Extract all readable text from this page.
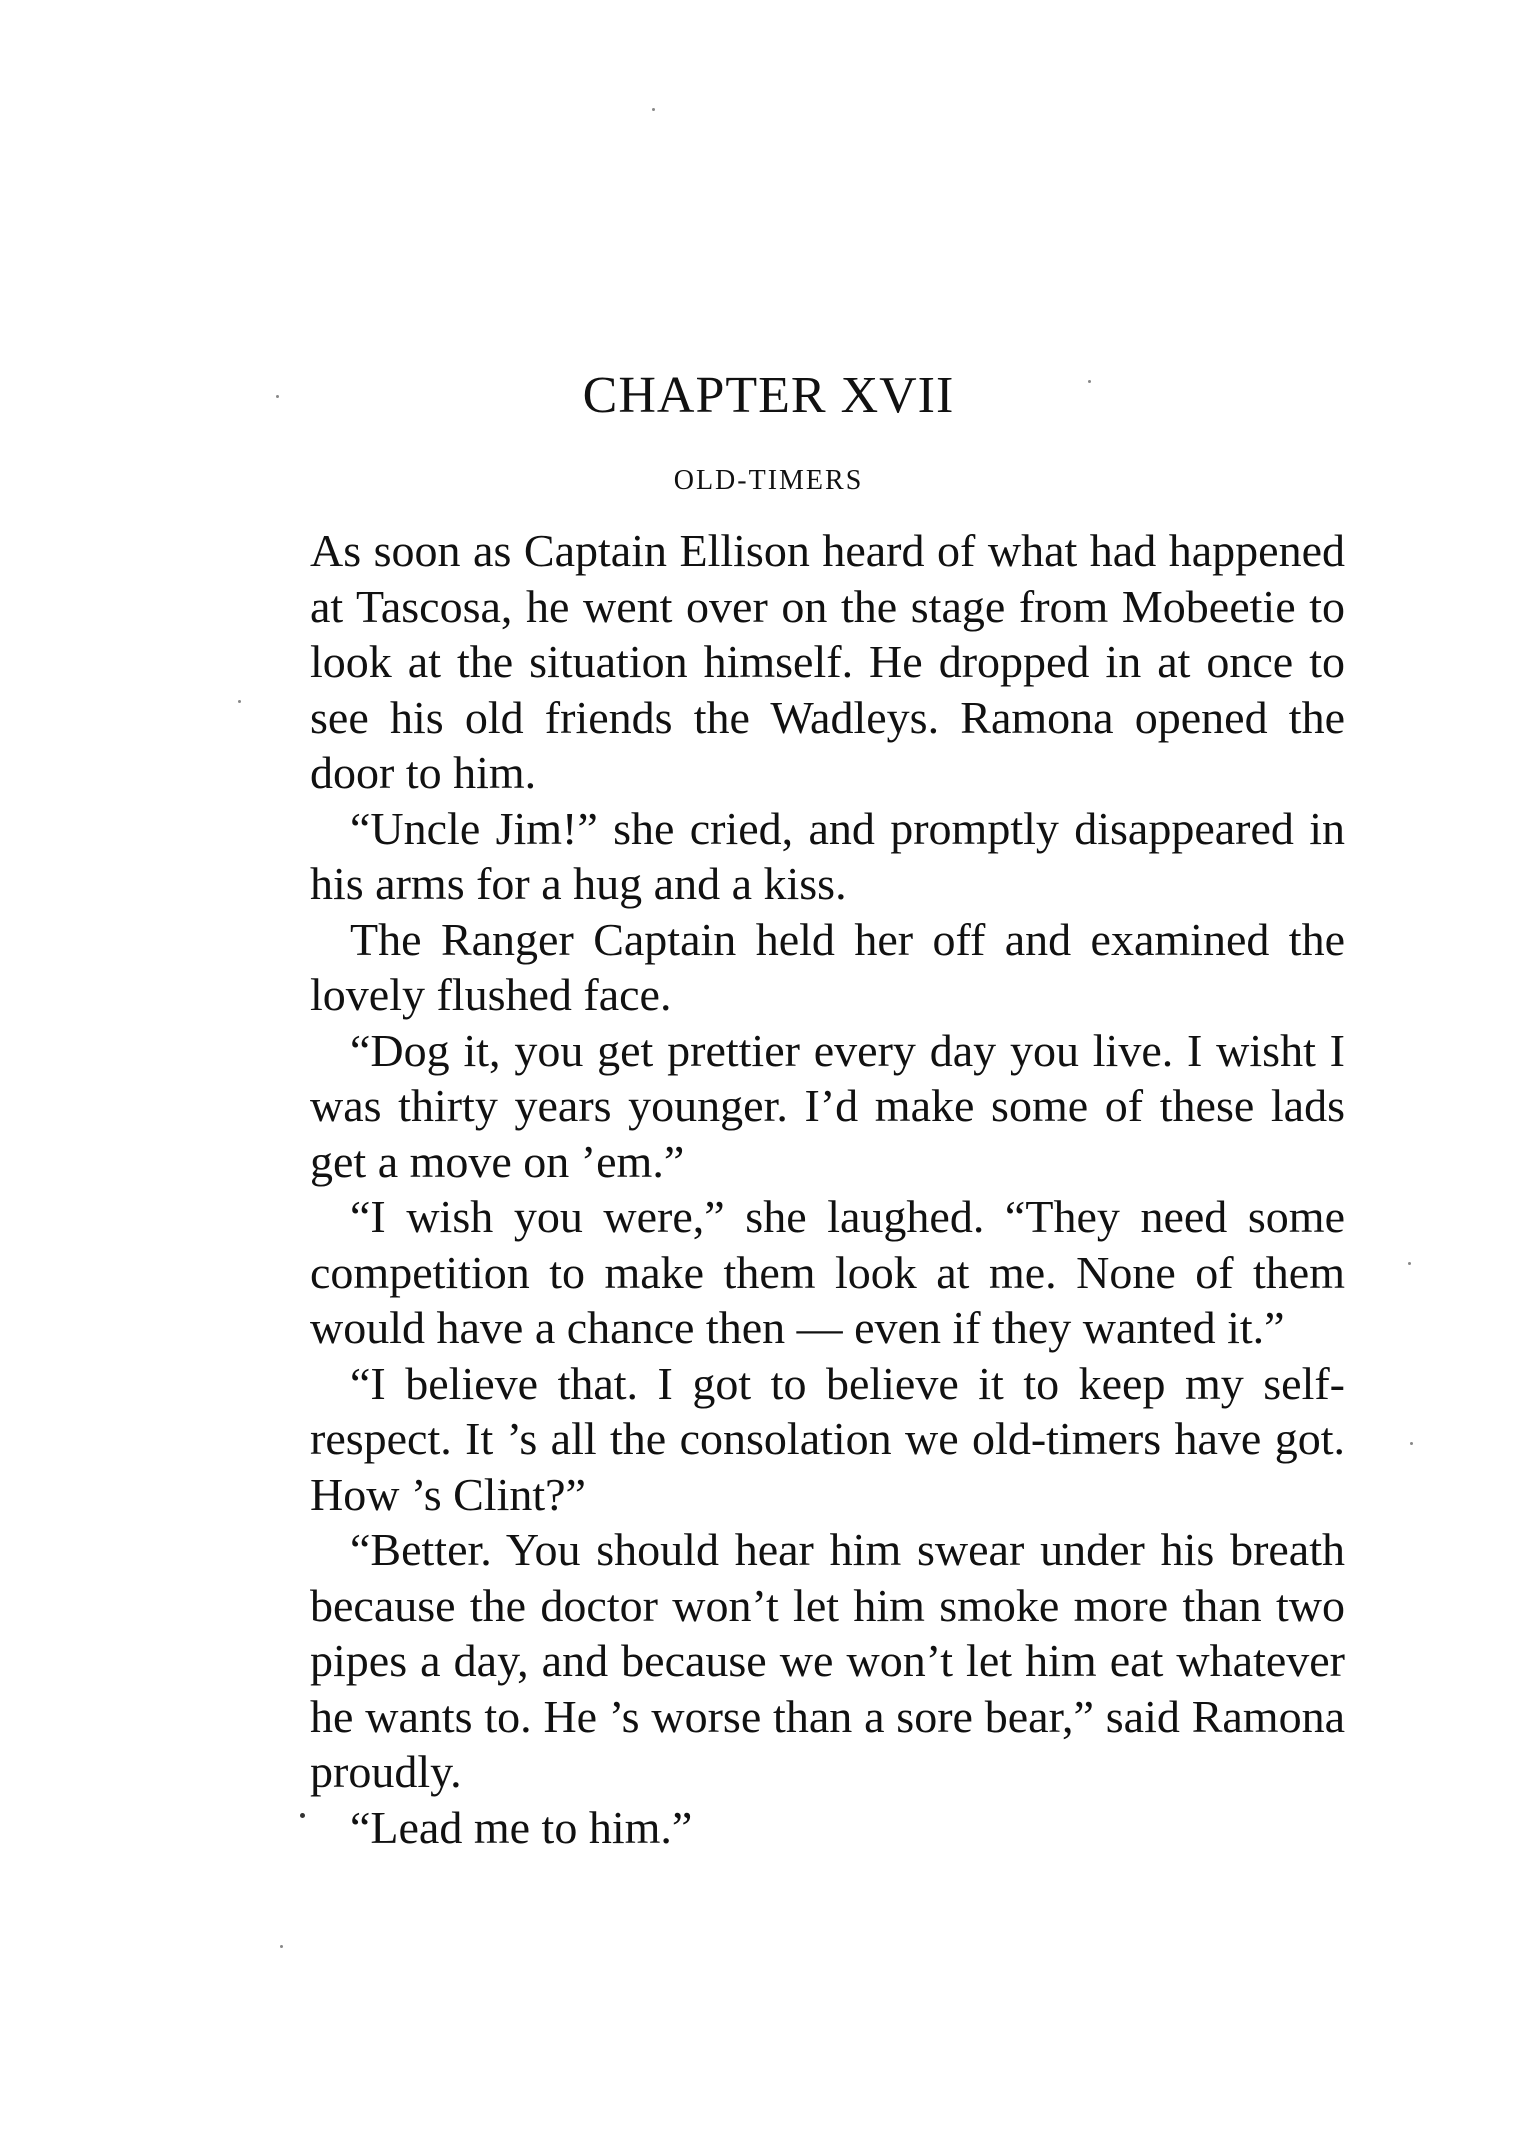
CHAPTER XVII
OLD-TIMERS

As soon as Captain Ellison heard of what had happened at Tascosa, he went over on the stage from Mobeetie to look at the situation himself. He dropped in at once to see his old friends the Wadleys. Ramona opened the door to him.

“Uncle Jim!” she cried, and promptly disappeared in his arms for a hug and a kiss.

The Ranger Captain held her off and examined the lovely flushed face.

“Dog it, you get prettier every day you live. I wisht I was thirty years younger. I’d make some of these lads get a move on ’em.”

“I wish you were,” she laughed. “They need some competition to make them look at me. None of them would have a chance then — even if they wanted it.”

“I believe that. I got to believe it to keep my self-respect. It ’s all the consolation we old-timers have got. How ’s Clint?”

“Better. You should hear him swear under his breath because the doctor won’t let him smoke more than two pipes a day, and because we won’t let him eat whatever he wants to. He ’s worse than a sore bear,” said Ramona proudly.

“Lead me to him.”
